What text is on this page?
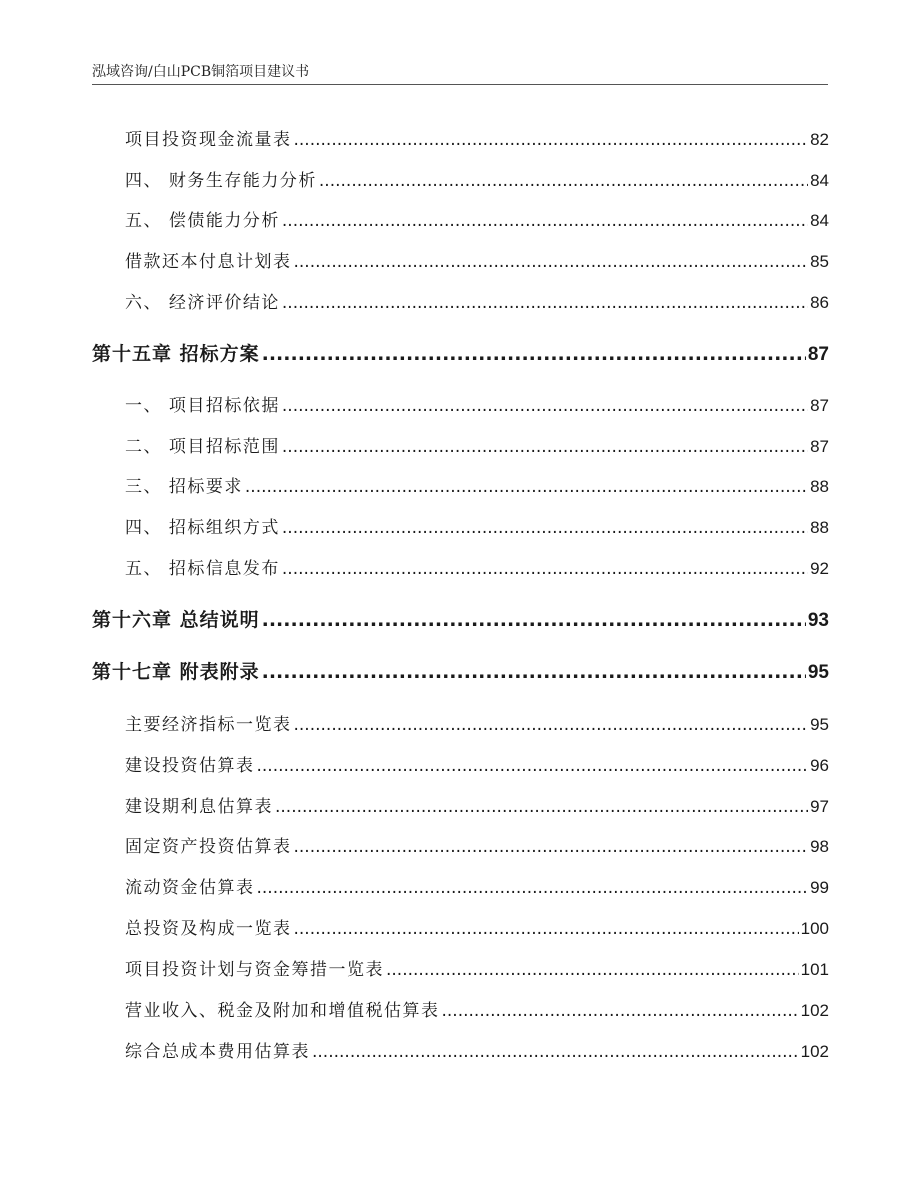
泓域咨询/白山PCB铜箔项目建议书
项目投资现金流量表 .....	82
四、 财务生存能力分析 .....	84
五、 偿债能力分析 .....	84
借款还本付息计划表 .....	85
六、 经济评价结论 .....	86
第十五章 招标方案 .....	87
一、 项目招标依据 .....	87
二、 项目招标范围 .....	87
三、 招标要求 .....	88
四、 招标组织方式 .....	88
五、 招标信息发布 .....	92
第十六章 总结说明 .....	93
第十七章 附表附录 .....	95
主要经济指标一览表 .....	95
建设投资估算表 .....	96
建设期利息估算表 .....	97
固定资产投资估算表 .....	98
流动资金估算表 .....	99
总投资及构成一览表 .....	100
项目投资计划与资金筹措一览表 .....	101
营业收入、税金及附加和增值税估算表 .....	102
综合总成本费用估算表 .....	102
